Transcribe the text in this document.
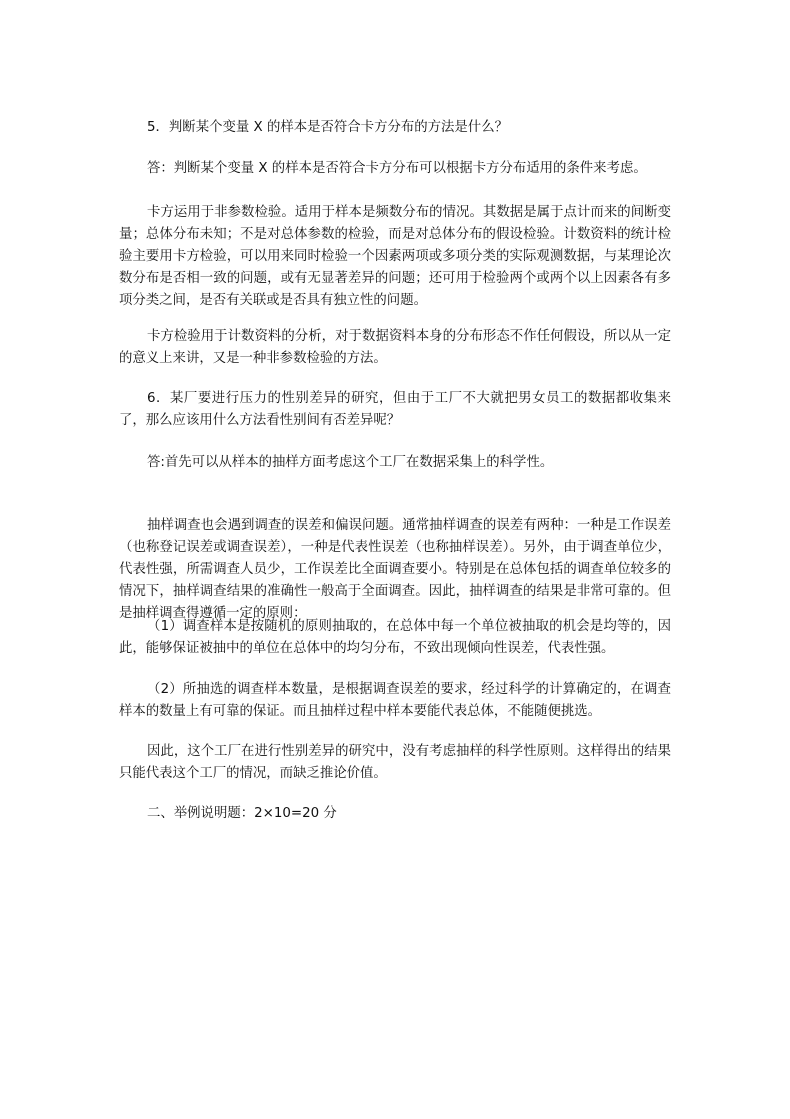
5．判断某个变量 X 的样本是否符合卡方分布的方法是什么？

答：判断某个变量 X 的样本是否符合卡方分布可以根据卡方分布适用的条件来考虑。

卡方运用于非参数检验。适用于样本是频数分布的情况。其数据是属于点计而来的间断变量；总体分布未知；不是对总体参数的检验，而是对总体分布的假设检验。计数资料的统计检验主要用卡方检验，可以用来同时检验一个因素两项或多项分类的实际观测数据，与某理论次数分布是否相一致的问题，或有无显著差异的问题；还可用于检验两个或两个以上因素各有多项分类之间，是否有关联或是否具有独立性的问题。

卡方检验用于计数资料的分析，对于数据资料本身的分布形态不作任何假设，所以从一定的意义上来讲，又是一种非参数检验的方法。

6．某厂要进行压力的性别差异的研究，但由于工厂不大就把男女员工的数据都收集来了，那么应该用什么方法看性别间有否差异呢？

答:首先可以从样本的抽样方面考虑这个工厂在数据采集上的科学性。

抽样调查也会遇到调查的误差和偏误问题。通常抽样调查的误差有两种：一种是工作误差（也称登记误差或调查误差），一种是代表性误差（也称抽样误差）。另外，由于调查单位少，代表性强，所需调查人员少，工作误差比全面调查要小。特别是在总体包括的调查单位较多的情况下，抽样调查结果的准确性一般高于全面调查。因此，抽样调查的结果是非常可靠的。但是抽样调查得遵循一定的原则：

（1）调查样本是按随机的原则抽取的，在总体中每一个单位被抽取的机会是均等的，因此，能够保证被抽中的单位在总体中的均匀分布，不致出现倾向性误差，代表性强。

（2）所抽选的调查样本数量，是根据调查误差的要求，经过科学的计算确定的，在调查样本的数量上有可靠的保证。而且抽样过程中样本要能代表总体，不能随便挑选。

因此，这个工厂在进行性别差异的研究中，没有考虑抽样的科学性原则。这样得出的结果只能代表这个工厂的情况，而缺乏推论价值。

二、举例说明题：2×10=20 分
